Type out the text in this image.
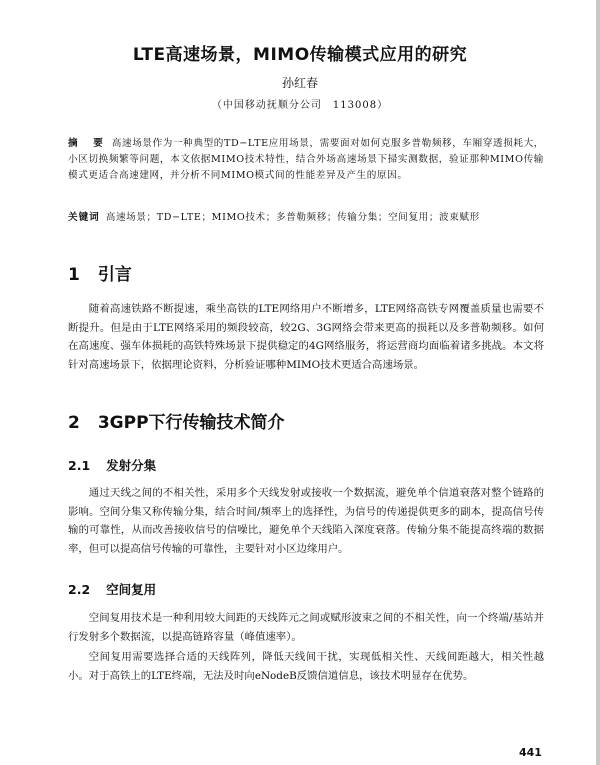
LTE高速场景，MIMO传输模式应用的研究
孙红春
（中国移动抚顺分公司　113008）
摘　要 高速场景作为一种典型的TD−LTE应用场景，需要面对如何克服多普勒频移，车厢穿透损耗大，小区切换频繁等问题，本文依据MIMO技术特性，结合外场高速场景下掃实测数据，验证那种MIMO传输模式更适合高速建网，并分析不同MIMO模式间的性能差异及产生的原因。
关键词 高速场景；TD−LTE；MIMO技术；多普勒频移；传输分集；空间复用；波束赋形
1 引言
随着高速铁路不断提速，乘坐高铁的LTE网络用户不断增多，LTE网络高铁专网覆盖质量也需要不断提升。但是由于LTE网络采用的频段较高，较2G、3G网络会带来更高的损耗以及多普勒频移。如何在高速度、强车体损耗的高铁特殊场景下提供稳定的4G网络服务，将运营商均面临着诸多挑战。本文将针对高速场景下，依据理论资料，分析验证哪种MIMO技术更适合高速场景。
2 3GPP下行传输技术简介
2.1 发射分集
通过天线之间的不相关性，采用多个天线发射或接收一个数据流，避免单个信道衰落对整个链路的影响。空间分集又称传输分集，结合时间/频率上的选择性，为信号的传递提供更多的副本，提高信号传输的可靠性，从而改善接收信号的信噪比，避免单个天线陷入深度衰落。传输分集不能提高终端的数据率，但可以提高信号传输的可靠性，主要针对小区边缘用户。
2.2 空间复用
空间复用技术是一种利用较大间距的天线阵元之间或赋形波束之间的不相关性，向一个终端/基站并行发射多个数据流，以提高链路容量（峰值速率）。
空间复用需要选择合适的天线阵列，降低天线间干扰，实现低相关性、天线间距越大，相关性越小。对于高铁上的LTE终端，无法及时向eNodeB反馈信道信息，该技术明显存在优势。
441
